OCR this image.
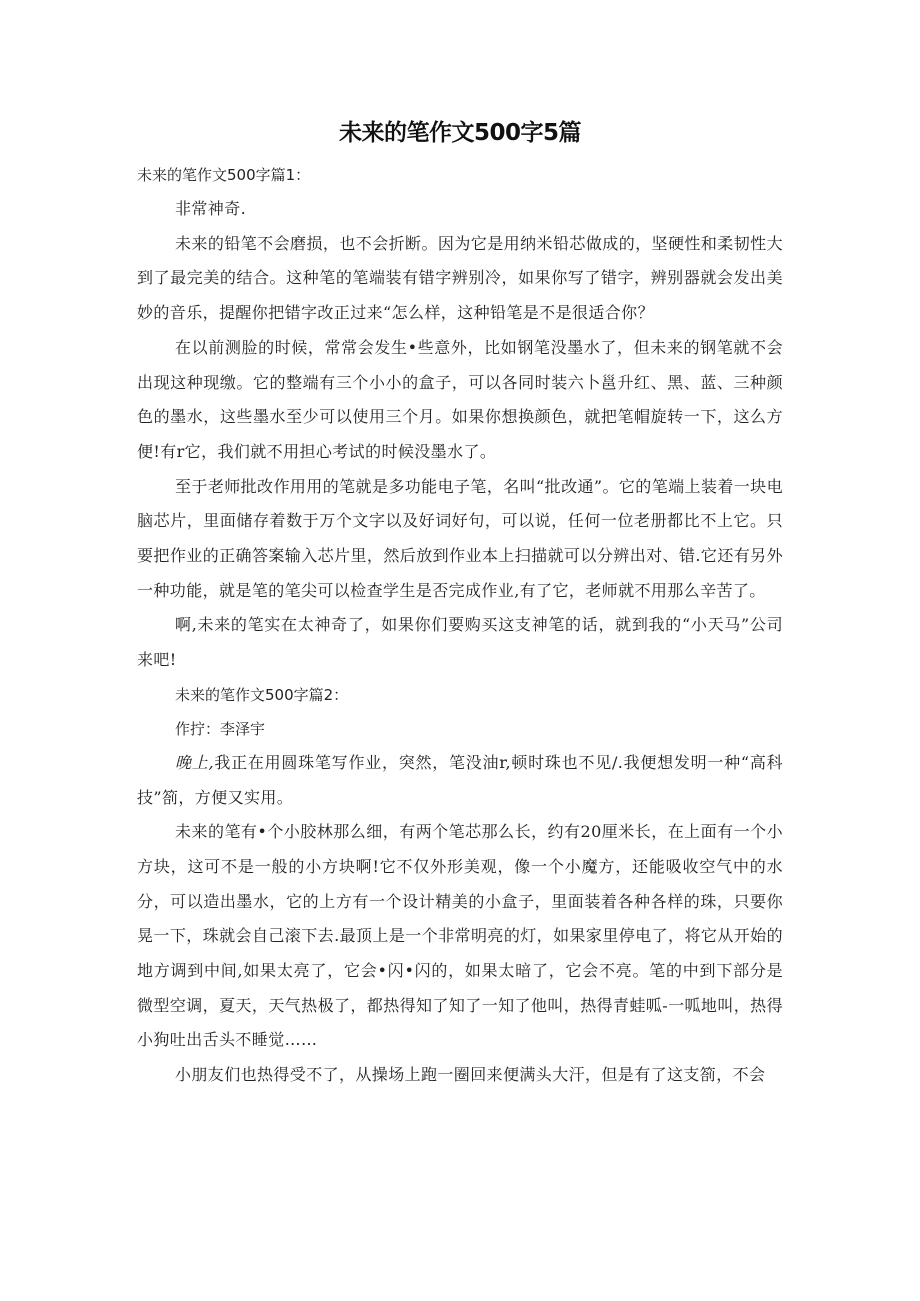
未来的笔作文500字5篇
未来的笔作文500字篇1：

非常神奇.

未来的铅笔不会磨损，也不会折断。因为它是用纳米铅芯做成的，坚硬性和柔韧性大到了最完美的结合。这种笔的笔端装有错字辨别冷，如果你写了错字，辨别器就会发出美妙的音乐，提醒你把错字改正过来“怎么样，这种铅笔是不是很适合你？

在以前测脸的时候，常常会发生•些意外，比如钢笔没墨水了，但未来的钢笔就不会出现这种现缴。它的整端有三个小小的盒子，可以各同时装六卜邕升红、黑、蓝、三种颜色的墨水，这些墨水至少可以使用三个月。如果你想换颜色，就把笔帽旋转一下，这么方便!有r它，我们就不用担心考试的时候没墨水了。

至于老师批改作用用的笔就是多功能电子笔，名叫“批改通”。它的笔端上装着一块电脑芯片，里面储存着数于万个文字以及好词好句，可以说，任何一位老册都比不上它。只要把作业的正确答案输入芯片里，然后放到作业本上扫描就可以分辨出对、错.它还有另外一种功能，就是笔的笔尖可以检查学生是否完成作业,有了它，老师就不用那么辛苦了。

啊,未来的笔实在太神奇了，如果你们要购买这支神笔的话，就到我的“小天马”公司来吧!

未来的笔作文500字篇2：
作拧：李泽宇

晚上,我正在用圆珠笔写作业，突然，笔没油r,顿时珠也不见/.我便想发明一种“高科技”箚，方便又实用。

未来的笔有•个小胶林那么细，有两个笔芯那么长，约有20厘米长，在上面有一个小方块，这可不是一般的小方块啊!它不仅外形美观，像一个小魔方，还能吸收空气中的水分，可以造出墨水，它的上方有一个设计精美的小盒子，里面装着各种各样的珠，只要你晃一下，珠就会自己滚下去.最顶上是一个非常明亮的灯，如果家里停电了，将它从开始的地方调到中间,如果太亮了，它会•闪•闪的，如果太暗了，它会不亮。笔的中到下部分是微型空调，夏天，天气热极了，都热得知了知了一知了他叫，热得青蛙呱-一呱地叫，热得小狗吐出舌头不睡觉……

小朋友们也热得受不了，从操场上跑一圈回来便满头大汗，但是有了这支箚，不会
